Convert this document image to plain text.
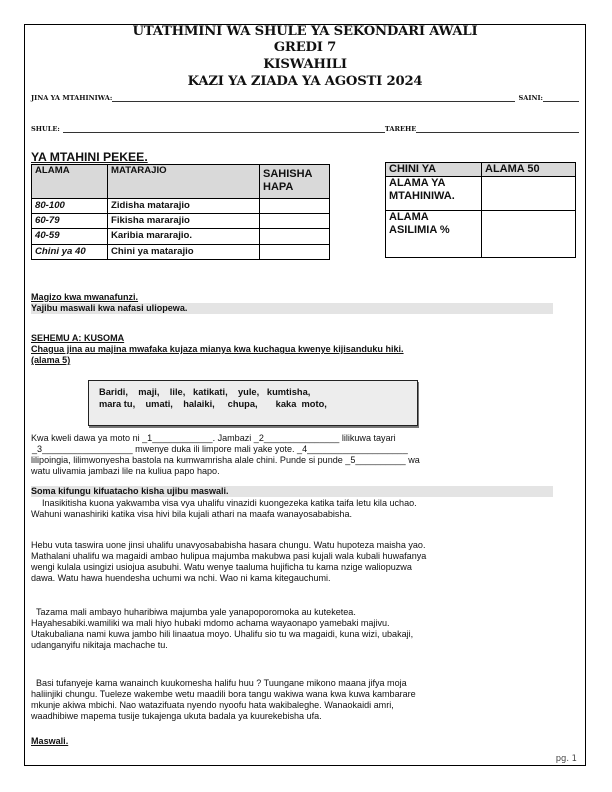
UTATHMINI WA SHULE YA SEKONDARI AWALI
GREDI 7
KISWAHILI
KAZI YA ZIADA YA AGOSTI 2024
JINA YA MTAHINIWA:	SAINI:
SHULE:	TAREHE
YA MTAHINI PEKEE.
ALAMA	MATARAJIO	SAHISHA HAPA
80-100	Zidisha matarajio	
60-79	Fikisha mararajio	
40-59	Karibia mararajio.	
Chini ya 40	Chini ya matarajio	
CHINI YA	ALAMA 50
ALAMA YA MTAHINIWA.	
ALAMA ASILIMIA %	
Magizo kwa mwanafunzi.
Yajibu maswali kwa nafasi uliopewa.
SEHEMU A: KUSOMA
Chagua jina au majina mwafaka kujaza mianya kwa kuchagua kwenye kijisanduku hiki.
(alama 5)
Baridi,    maji,    lile,   katikati,    yule,   kumtisha,
mara tu,    umati,    halaiki,     chupa,       kaka  moto,
Kwa kweli dawa ya moto ni _1____________. Jambazi _2_______________ lilikuwa tayari
_3__________________ mwenye duka ili limpore mali yake yote. _4____________________
lilipoingia, lilimwonyesha bastola na kumwamrisha alale chini. Punde si punde _5__________ wa
watu ulivamia jambazi lile na kuliua papo hapo.
Soma kifungu kifuatacho kisha ujibu maswali.
Inasikitisha kuona yakwamba visa vya uhalifu vinazidi kuongezeka katika taifa letu kila uchao.
Wahuni wanashiriki katika visa hivi bila kujali athari na maafa wanayosababisha.
Hebu vuta taswira uone jinsi uhalifu unavyosababisha hasara chungu. Watu hupoteza maisha yao.
Mathalani uhalifu wa magaidi ambao hulipua majumba makubwa pasi kujali wala kubali huwafanya
wengi kulala usingizi usiojua asubuhi. Watu wenye taaluma hujificha tu kama nzige waliopuzwa
dawa. Watu hawa huendesha uchumi wa nchi. Wao ni kama kitegauchumi.
Tazama mali ambayo huharibiwa majumba yale yanapoporomoka au kuteketea.
Hayahesabiki.wamiliki wa mali hiyo hubaki mdomo achama wayaonapo yamebaki majivu.
Utakubaliana nami kuwa jambo hili linaatua moyo. Uhalifu sio tu wa magaidi, kuna wizi, ubakaji,
udanganyifu nikitaja machache tu.
Basi tufanyeje kama wanainch kuukomesha halifu huu ? Tuungane mikono maana jifya moja
haliinjiki chungu. Tueleze wakembe wetu maadili bora tangu wakiwa wana kwa kuwa kambarare
mkunje akiwa mbichi. Nao watazifuata nyendo nyoofu hata wakibaleghe. Wanaokaidi amri,
waadhibiwe mapema tusije tukajenga ukuta badala ya kuurekebisha ufa.
Maswali.
pg. 1
